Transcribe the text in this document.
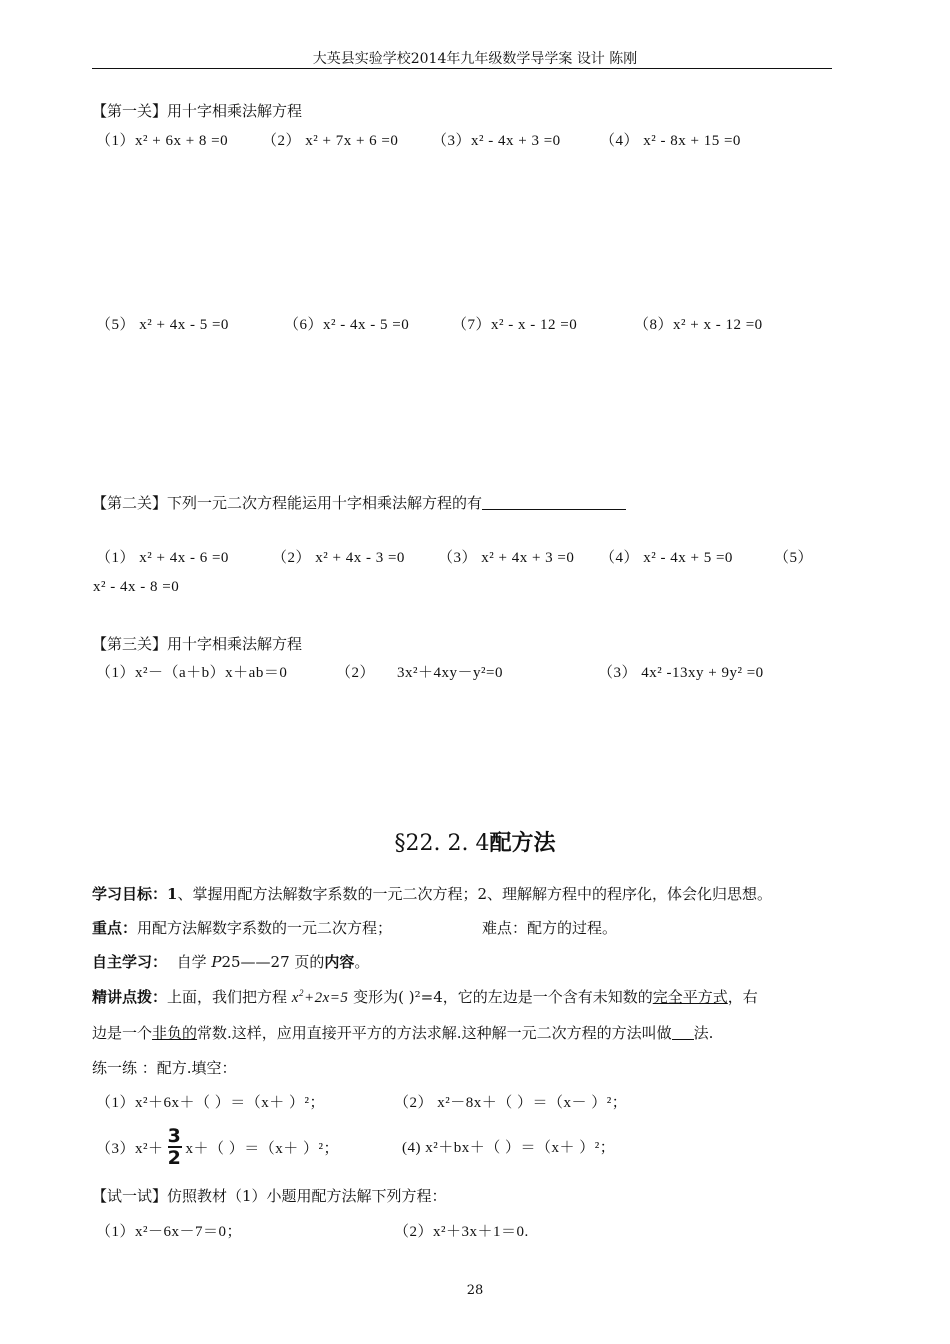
大英县实验学校2014年九年级数学导学案 设计 陈刚
【第一关】用十字相乘法解方程
（1）x² + 6x + 8 =0 （2） x² + 7x + 6 =0 （3）x² - 4x + 3 =0	（4） x² - 8x + 15 =0
（5） x² + 4x - 5 =0	（6）x² - 4x - 5 =0	（7）x² - x - 12 =0	（8）x² + x - 12 =0
【第二关】下列一元二次方程能运用十字相乘法解方程的有
（1） x² + 4x - 6 =0	（2） x² + 4x - 3 =0 （3） x² + 4x + 3 =0 （4） x² - 4x + 5 =0	（5）
x² - 4x - 8 =0
【第三关】用十字相乘法解方程
（1）x²－（a＋b）x＋ab＝0	（2） 3x²＋4xy－y²=0	（3） 4x² -13xy + 9y² =0
§22. 2. 4配方法
学习目标：1、掌握用配方法解数字系数的一元二次方程；2、理解解方程中的程序化，体会化归思想。
重点：用配方法解数字系数的一元二次方程；	难点：配方的过程。
自主学习： 自学 P25——27 页的内容。
精讲点拨：上面，我们把方程 $x^2+2x=5$ 变形为( )²=4，它的左边是一个含有未知数的完全平方式，右
边是一个非负的常数.这样，应用直接开平方的方法求解.这种解一元二次方程的方法叫做 法.
练一练 ：配方.填空：
（1）x²＋6x＋（ ）＝（x＋ ）²；	（2） x²－8x＋（ ）＝（x－ ）²；
$(3)x^2+ \frac{3}{2} x+$（ ）＝（x＋ ）²；	(4) x²＋bx＋（ ）＝（x＋ ）²；
【试一试】仿照教材（1）小题用配方法解下列方程：
（1）x²－6x－7＝0；	（2）x²＋3x＋1＝0.
28
